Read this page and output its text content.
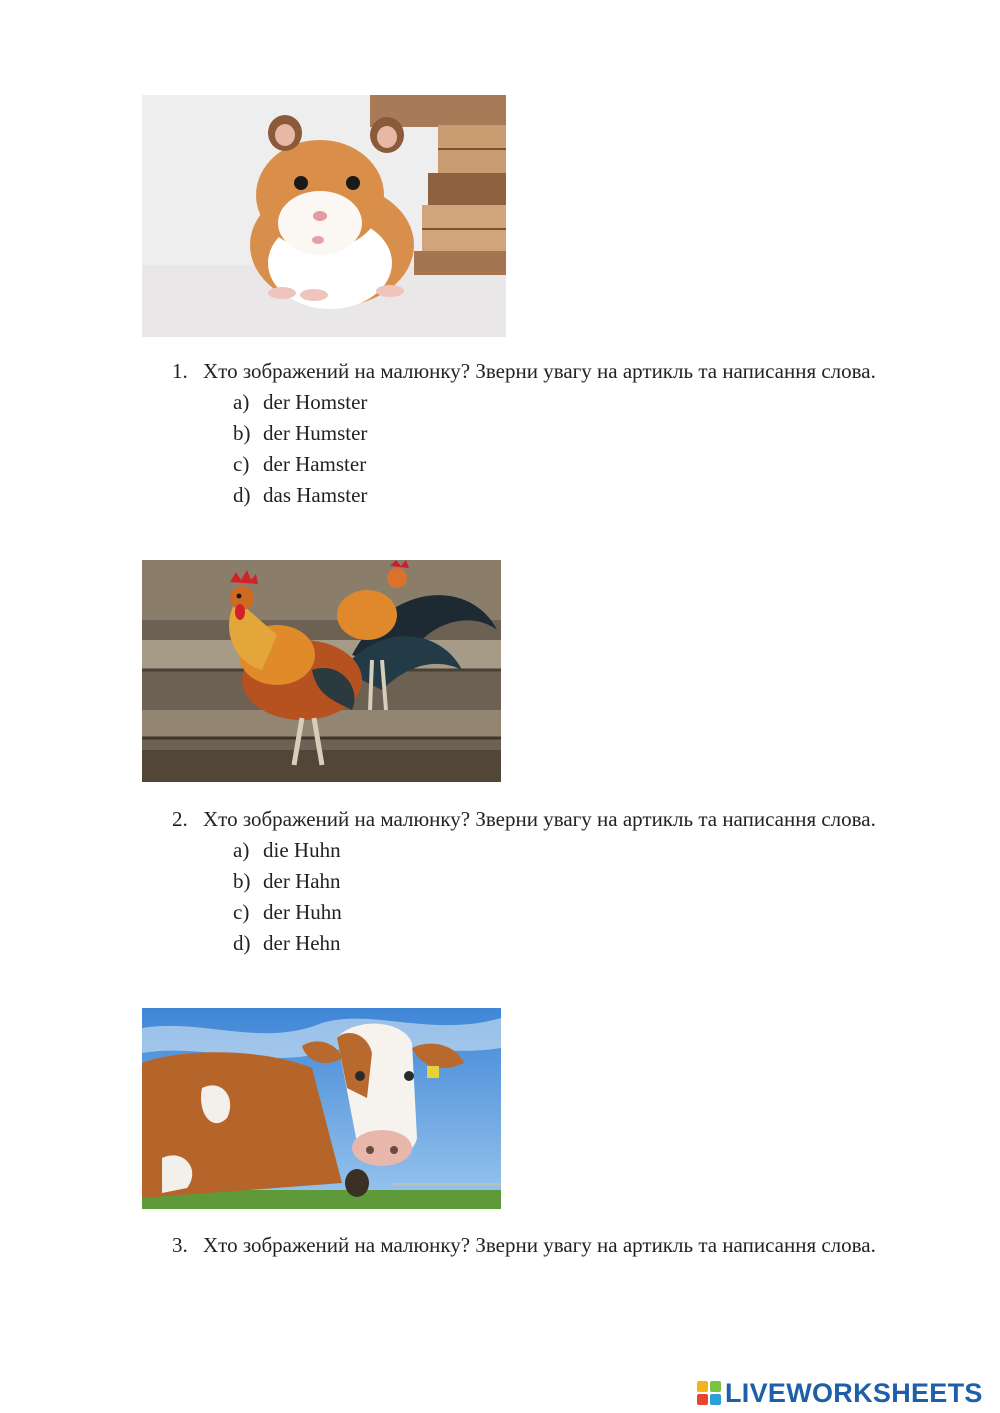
1. Хто зображений на малюнку? Зверни увагу на артикль та написання слова.
a) der Homster
b) der Humster
c) der Hamster
d) das Hamster
2. Хто зображений на малюнку? Зверни увагу на артикль та написання слова.
a) die Huhn
b) der Hahn
c) der Huhn
d) der Hehn
3. Хто зображений на малюнку? Зверни увагу на артикль та написання слова.
LIVEWORKSHEETS
